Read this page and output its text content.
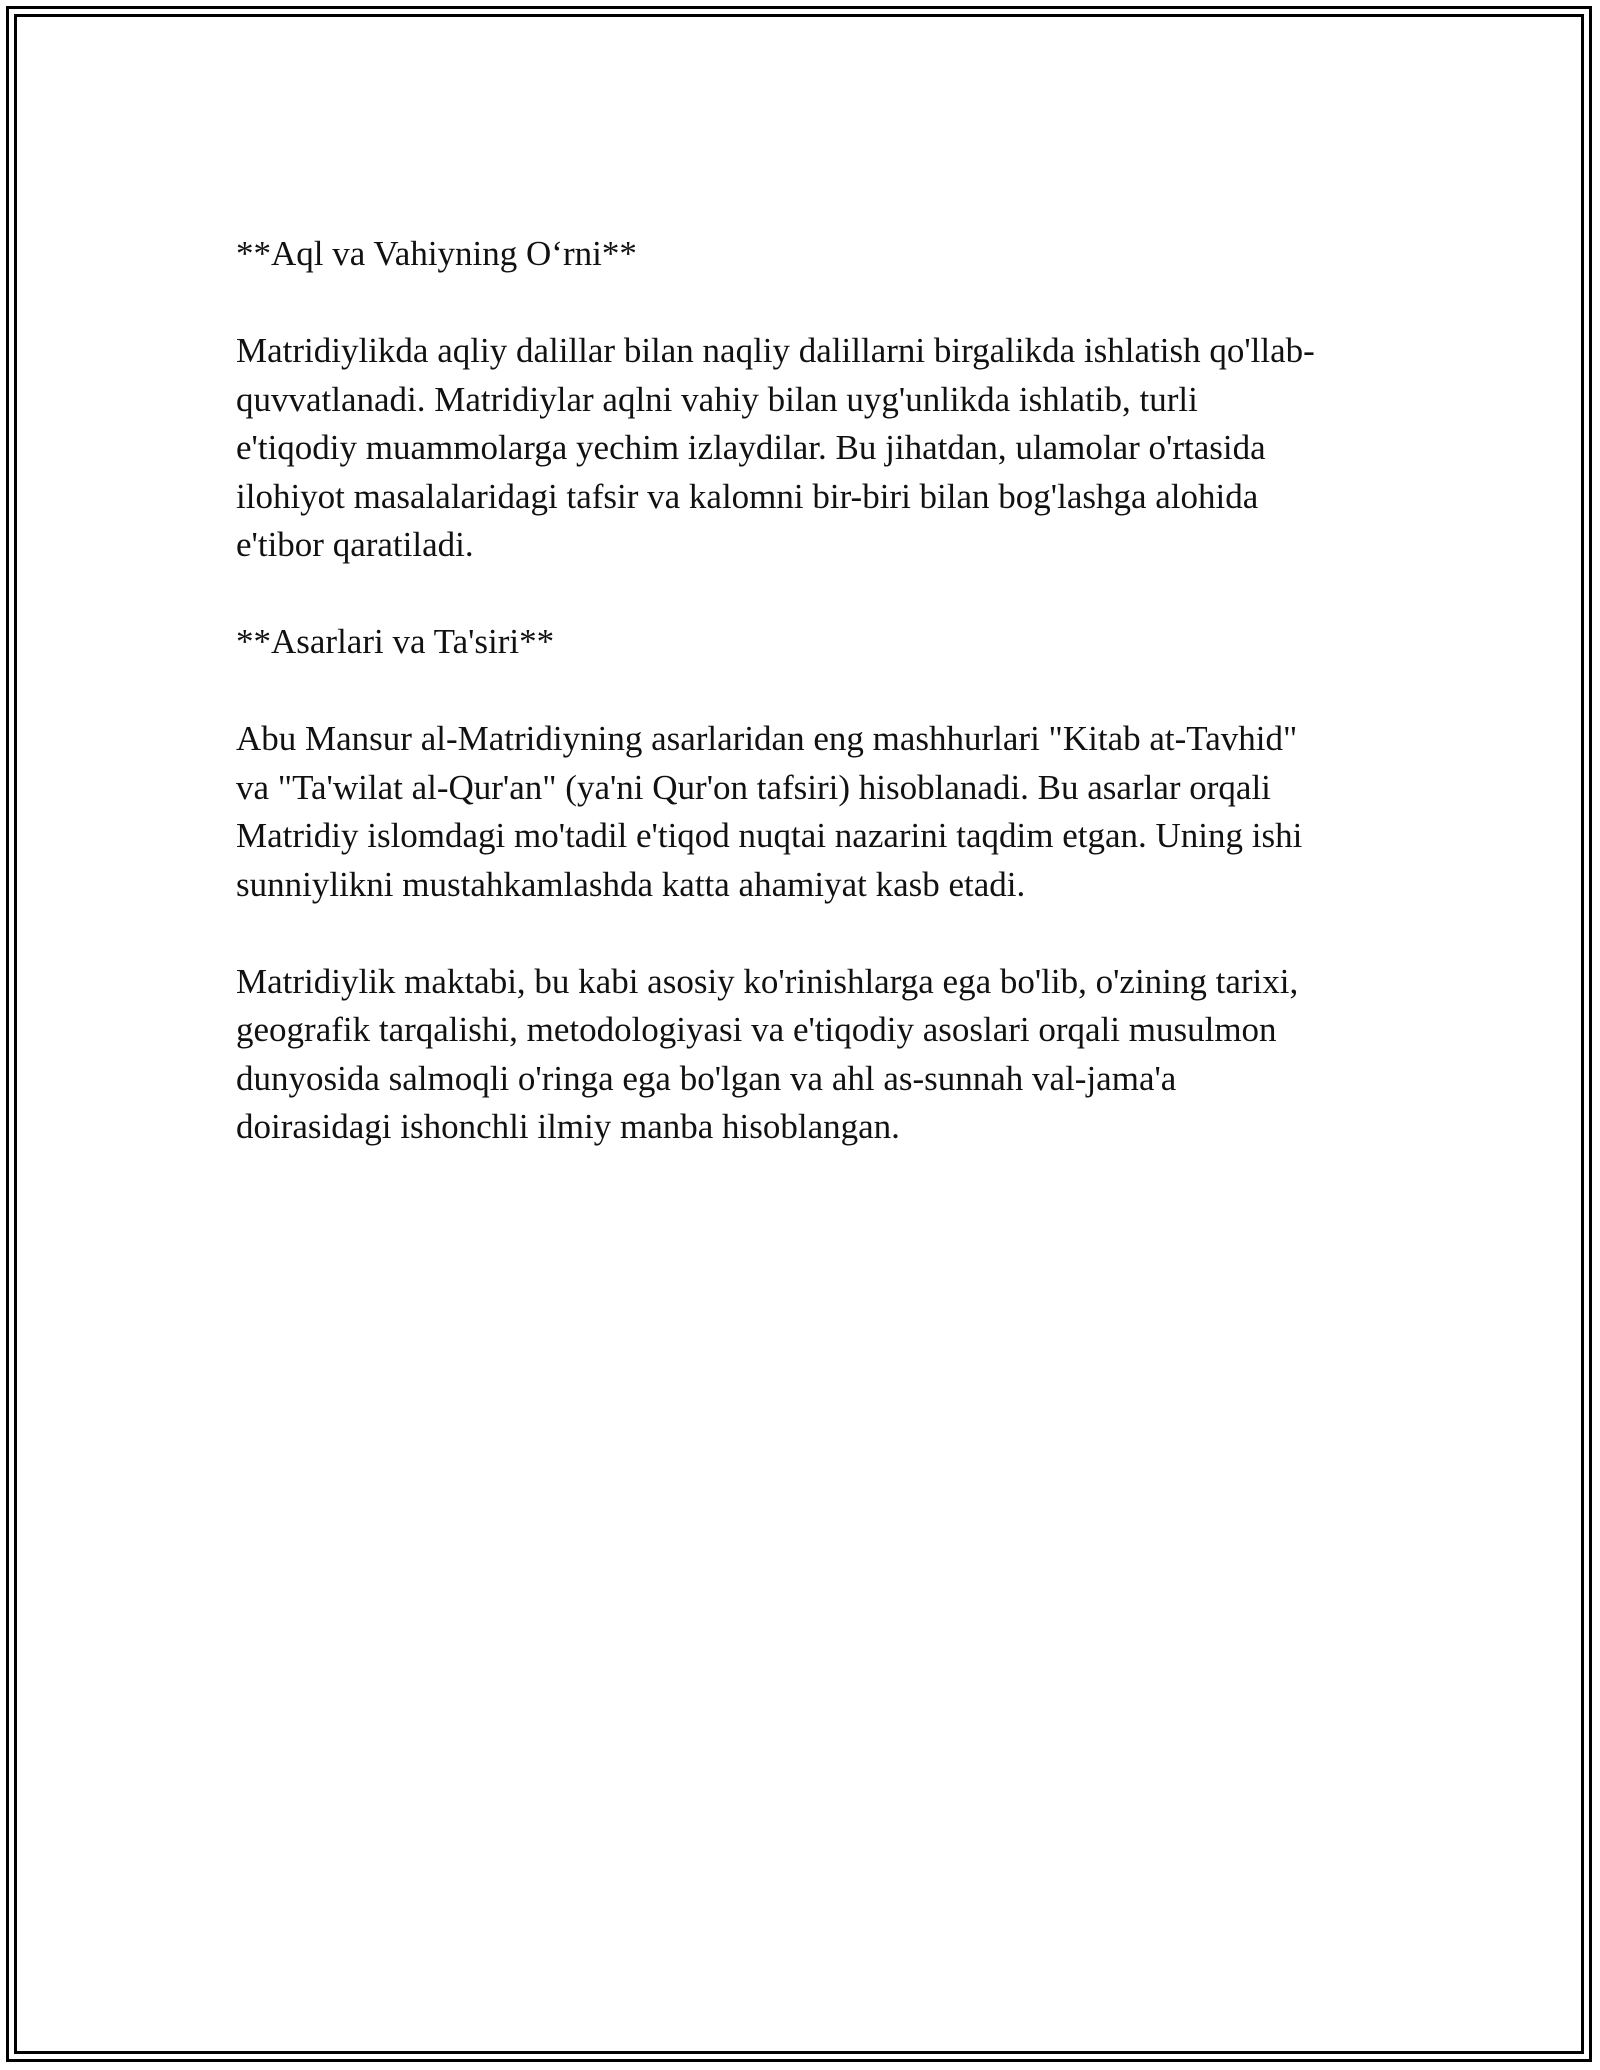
**Aql va Vahiyning O‘rni**
Matridiylikda aqliy dalillar bilan naqliy dalillarni birgalikda ishlatish qo'llab-
quvvatlanadi. Matridiylar aqlni vahiy bilan uyg'unlikda ishlatib, turli
e'tiqodiy muammolarga yechim izlaydilar. Bu jihatdan, ulamolar o'rtasida
ilohiyot masalalaridagi tafsir va kalomni bir-biri bilan bog'lashga alohida
e'tibor qaratiladi.
**Asarlari va Ta'siri**
Abu Mansur al-Matridiyning asarlaridan eng mashhurlari "Kitab at-Tavhid"
va "Ta'wilat al-Qur'an" (ya'ni Qur'on tafsiri) hisoblanadi. Bu asarlar orqali
Matridiy islomdagi mo'tadil e'tiqod nuqtai nazarini taqdim etgan. Uning ishi
sunniylikni mustahkamlashda katta ahamiyat kasb etadi.
Matridiylik maktabi, bu kabi asosiy ko'rinishlarga ega bo'lib, o'zining tarixi,
geografik tarqalishi, metodologiyasi va e'tiqodiy asoslari orqali musulmon
dunyosida salmoqli o'ringa ega bo'lgan va ahl as-sunnah val-jama'a
doirasidagi ishonchli ilmiy manba hisoblangan.
